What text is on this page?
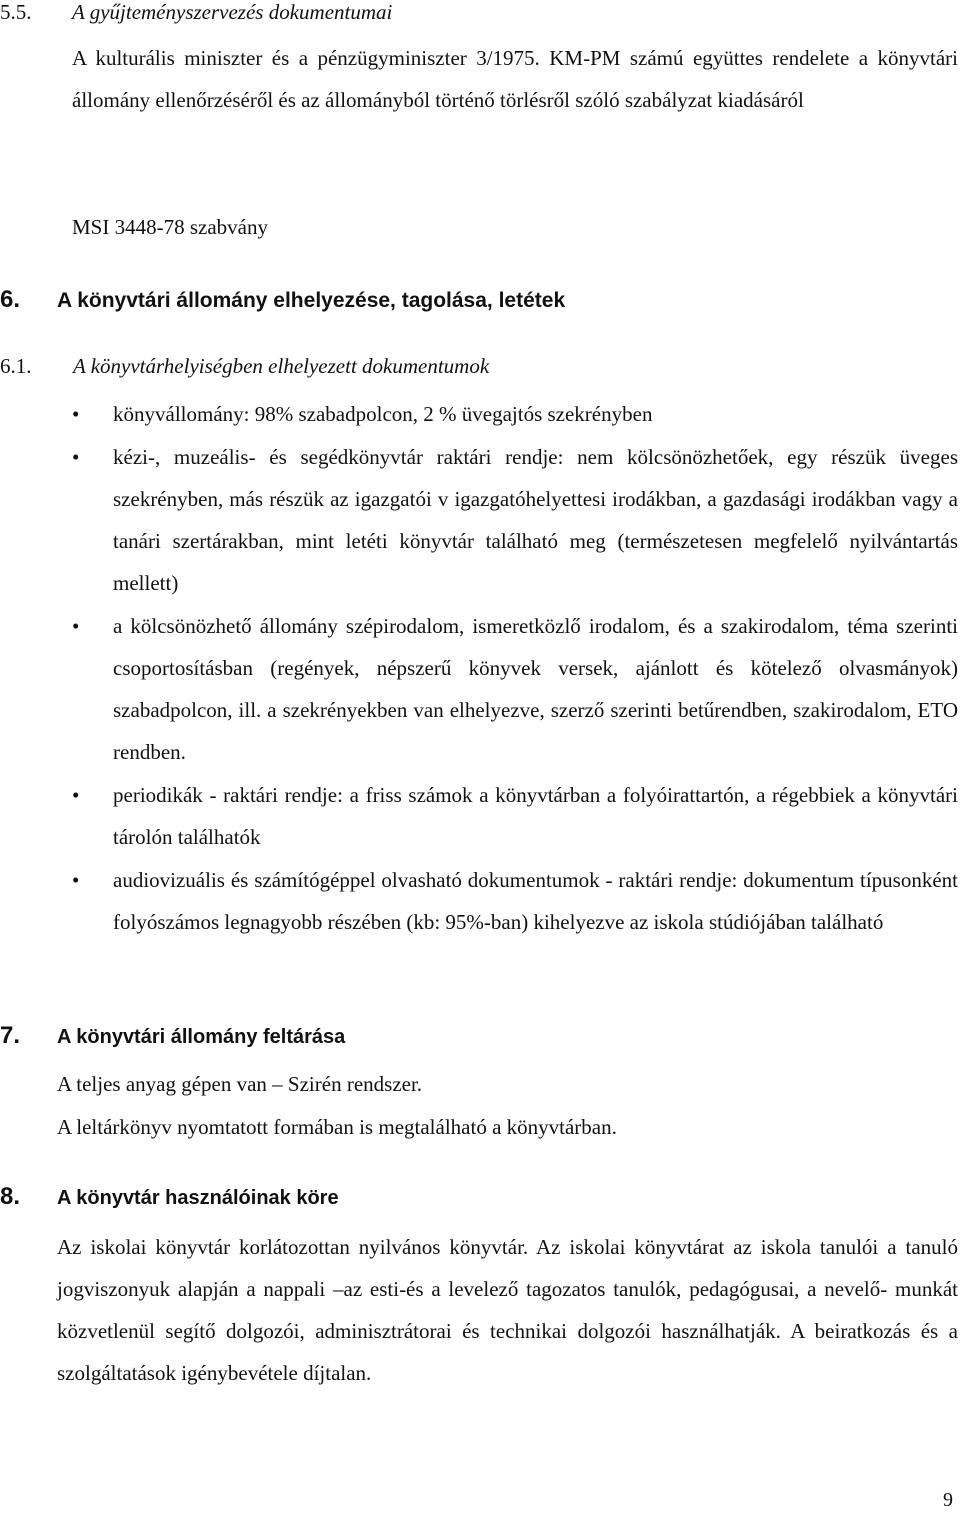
5.5. A gyűjteményszervezés dokumentumai
A kulturális miniszter és a pénzügyminiszter 3/1975. KM-PM számú együttes rendelete a könyvtári állomány ellenőrzéséről és az állományból történő törlésről szóló szabályzat kiadásáról
MSI 3448-78 szabvány
6. A könyvtári állomány elhelyezése, tagolása, letétek
6.1. A könyvtárhelyiségben elhelyezett dokumentumok
• könyvállomány: 98% szabadpolcon, 2 % üvegajtós szekrényben
• kézi-, muzeális- és segédkönyvtár raktári rendje: nem kölcsönözhetőek, egy részük üveges szekrényben, más részük az igazgatói v igazgatóhelyettesi irodákban, a gazdasági irodákban vagy a tanári szertárakban, mint letéti könyvtár található meg (természetesen megfelelő nyilvántartás mellett)
• a kölcsönözhető állomány szépirodalom, ismeretközlő irodalom, és a szakirodalom, téma szerinti csoportosításban (regények, népszerű könyvek versek, ajánlott és kötelező olvasmányok) szabadpolcon, ill. a szekrényekben van elhelyezve, szerző szerinti betűrendben, szakirodalom, ETO rendben.
• periodikák - raktári rendje: a friss számok a könyvtárban a folyóirattartón, a régebbiek a könyvtári tárolón találhatók
• audiovizuális és számítógéppel olvasható dokumentumok - raktári rendje: dokumentum típusonként folyószámos legnagyobb részében (kb: 95%-ban) kihelyezve az iskola stúdiójában található
7. A könyvtári állomány feltárása
A teljes anyag gépen van – Szirén rendszer.
A leltárkönyv nyomtatott formában is megtalálható a könyvtárban.
8. A könyvtár használóinak köre
Az iskolai könyvtár korlátozottan nyilvános könyvtár. Az iskolai könyvtárat az iskola tanulói a tanuló jogviszonyuk alapján a nappali –az esti-és a levelező tagozatos tanulók, pedagógusai, a nevelő- munkát közvetlenül segítő dolgozói, adminisztrátorai és technikai dolgozói használhatják. A beiratkozás és a szolgáltatások igénybevétele díjtalan.
9
